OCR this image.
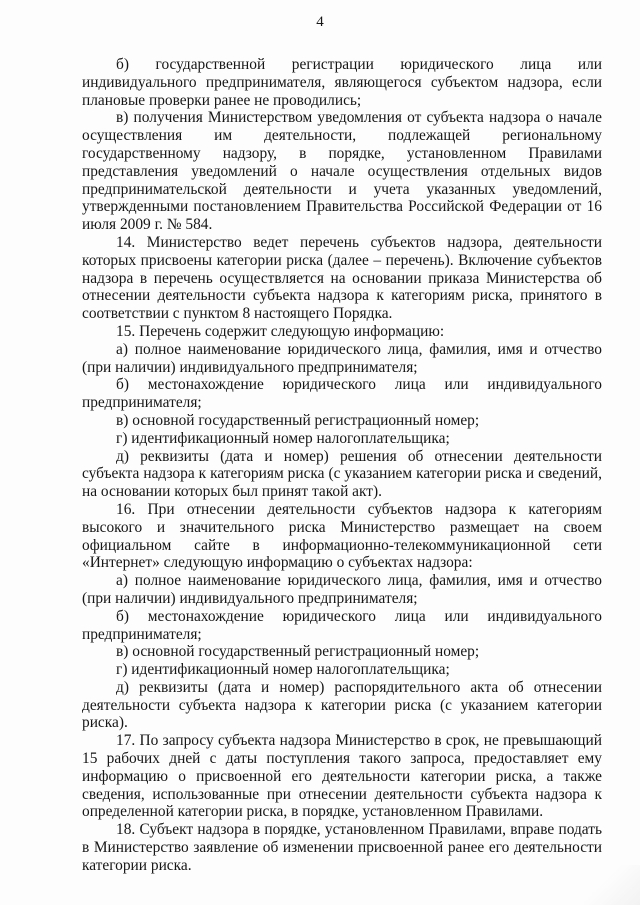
4

б) государственной регистрации юридического лица или индивидуального предпринимателя, являющегося субъектом надзора, если плановые проверки ранее не проводились;

в) получения Министерством уведомления от субъекта надзора о начале осуществления им деятельности, подлежащей региональному государственному надзору, в порядке, установленном Правилами представления уведомлений о начале осуществления отдельных видов предпринимательской деятельности и учета указанных уведомлений, утвержденными постановлением Правительства Российской Федерации от 16 июля 2009 г. № 584.

14. Министерство ведет перечень субъектов надзора, деятельности которых присвоены категории риска (далее – перечень). Включение субъектов надзора в перечень осуществляется на основании приказа Министерства об отнесении деятельности субъекта надзора к категориям риска, принятого в соответствии с пунктом 8 настоящего Порядка.

15. Перечень содержит следующую информацию:

а) полное наименование юридического лица, фамилия, имя и отчество (при наличии) индивидуального предпринимателя;

б) местонахождение юридического лица или индивидуального предпринимателя;

в) основной государственный регистрационный номер;

г) идентификационный номер налогоплательщика;

д) реквизиты (дата и номер) решения об отнесении деятельности субъекта надзора к категориям риска (с указанием категории риска и сведений, на основании которых был принят такой акт).

16. При отнесении деятельности субъектов надзора к категориям высокого и значительного риска Министерство размещает на своем официальном сайте в информационно-телекоммуникационной сети «Интернет» следующую информацию о субъектах надзора:

а) полное наименование юридического лица, фамилия, имя и отчество (при наличии) индивидуального предпринимателя;

б) местонахождение юридического лица или индивидуального предпринимателя;

в) основной государственный регистрационный номер;

г) идентификационный номер налогоплательщика;

д) реквизиты (дата и номер) распорядительного акта об отнесении деятельности субъекта надзора к категории риска (с указанием категории риска).

17. По запросу субъекта надзора Министерство в срок, не превышающий 15 рабочих дней с даты поступления такого запроса, предоставляет ему информацию о присвоенной его деятельности категории риска, а также сведения, использованные при отнесении деятельности субъекта надзора к определенной категории риска, в порядке, установленном Правилами.

18. Субъект надзора в порядке, установленном Правилами, вправе подать в Министерство заявление об изменении присвоенной ранее его деятельности категории риска.
